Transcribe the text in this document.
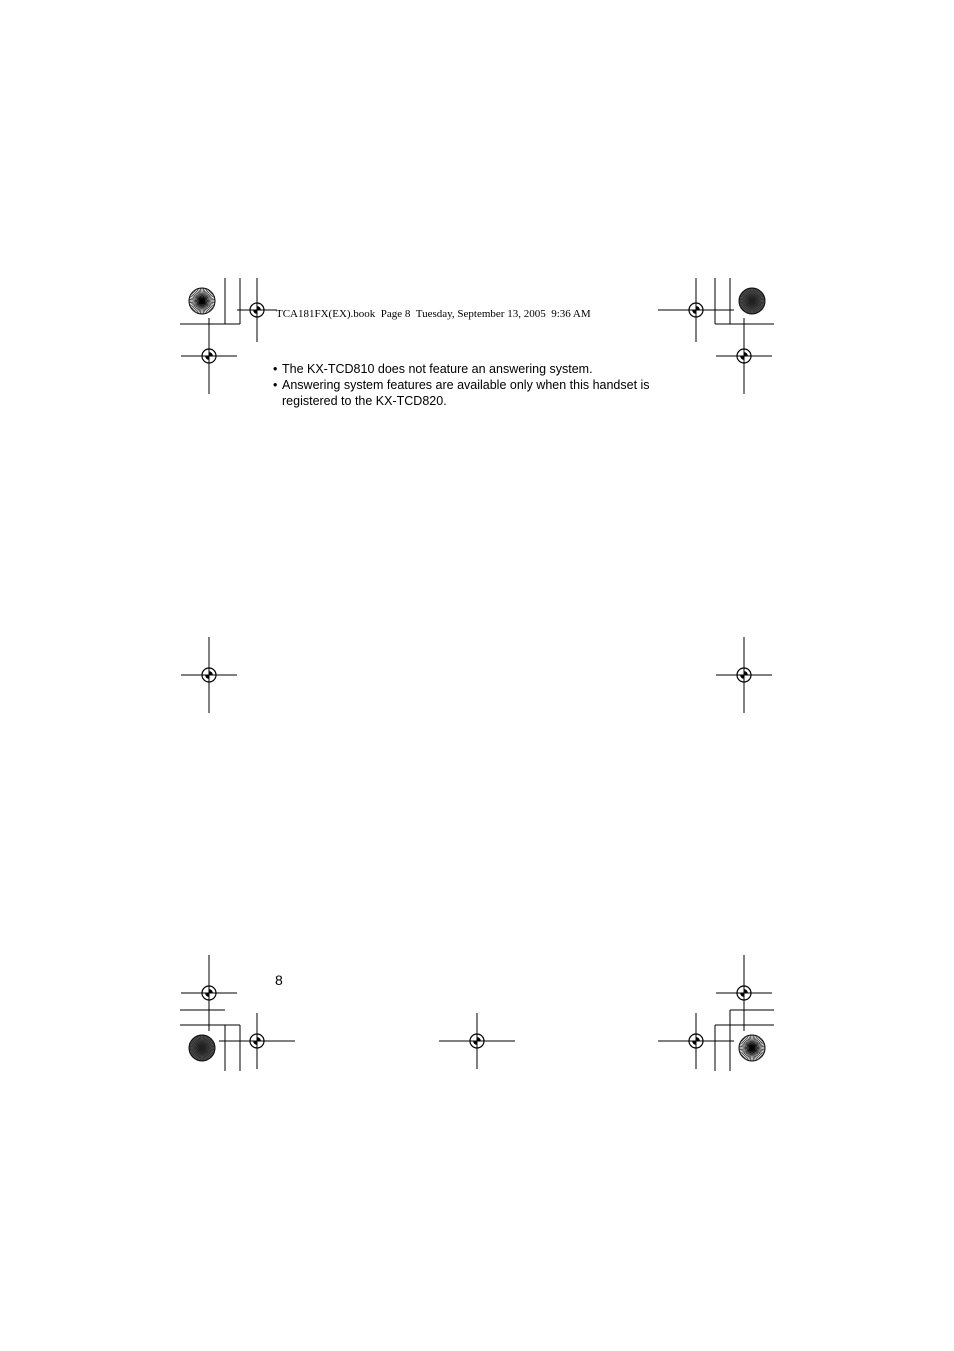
TCA181FX(EX).book  Page 8  Tuesday, September 13, 2005  9:36 AM

• The KX-TCD810 does not feature an answering system.

• Answering system features are available only when this handset is registered to the KX-TCD820.

8
